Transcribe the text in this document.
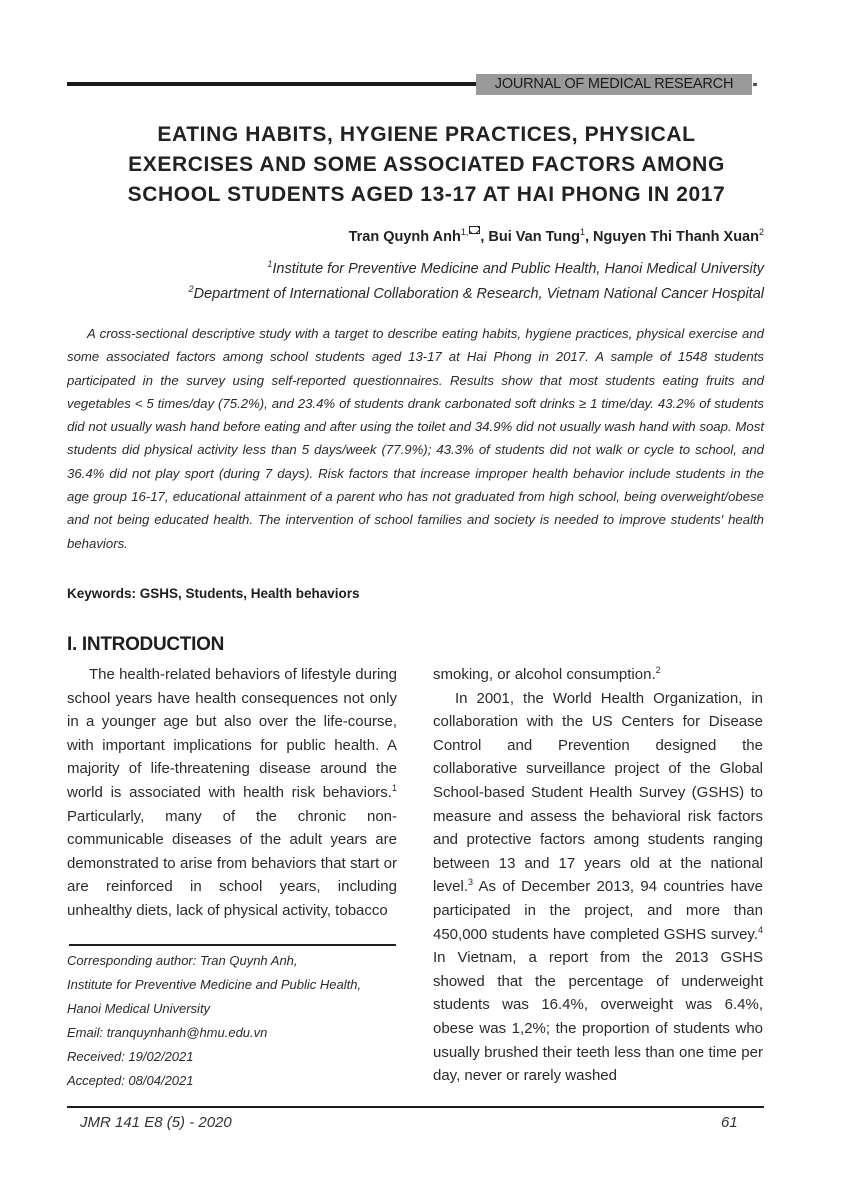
JOURNAL OF MEDICAL RESEARCH
EATING HABITS, HYGIENE PRACTICES, PHYSICAL
EXERCISES AND SOME ASSOCIATED FACTORS AMONG
SCHOOL STUDENTS AGED 13-17 AT HAI PHONG IN 2017
Tran Quynh Anh$^{1,}$ , Bui Van Tung$^1$, Nguyen Thi Thanh Xuan$^2$
$^1$Institute for Preventive Medicine and Public Health, Hanoi Medical University
$^2$Department of International Collaboration & Research, Vietnam National Cancer Hospital
A cross-sectional descriptive study with a target to describe eating habits, hygiene practices, physical exercise and some associated factors among school students aged 13-17 at Hai Phong in 2017. A sample of 1548 students participated in the survey using self-reported questionnaires. Results show that most students eating fruits and vegetables < 5 times/day (75.2%), and 23.4% of students drank carbonated soft drinks ≥ 1 time/day. 43.2% of students did not usually wash hand before eating and after using the toilet and 34.9% did not usually wash hand with soap. Most students did physical activity less than 5 days/week (77.9%); 43.3% of students did not walk or cycle to school, and 36.4% did not play sport (during 7 days). Risk factors that increase improper health behavior include students in the age group 16-17, educational attainment of a parent who has not graduated from high school, being overweight/obese and not being educated health. The intervention of school families and society is needed to improve students' health behaviors.
Keywords: GSHS, Students, Health behaviors
I. INTRODUCTION

The health-related behaviors of lifestyle during school years have health consequences not only in a younger age but also over the life-course, with important implications for public health. A majority of life-threatening disease around the world is associated with health risk behaviors.$^1$ Particularly, many of the chronic non-communicable diseases of the adult years are demonstrated to arise from behaviors that start or are reinforced in school years, including unhealthy diets, lack of physical activity, tobacco

smoking, or alcohol consumption.$^2$

In 2001, the World Health Organization, in collaboration with the US Centers for Disease Control and Prevention designed the collaborative surveillance project of the Global School-based Student Health Survey (GSHS) to measure and assess the behavioral risk factors and protective factors among students ranging between 13 and 17 years old at the national level.$^3$ As of December 2013, 94 countries have participated in the project, and more than 450,000 students have completed GSHS survey.$^4$ In Vietnam, a report from the 2013 GSHS showed that the percentage of underweight students was 16.4%, overweight was 6.4%, obese was 1,2%; the proportion of students who usually brushed their teeth less than one time per day, never or rarely washed

Corresponding author: Tran Quynh Anh,
Institute for Preventive Medicine and Public Health,
Hanoi Medical University
Email: tranquynhanh@hmu.edu.vn
Received: 19/02/2021
Accepted: 08/04/2021
JMR 141 E8 (5) - 2020	61
